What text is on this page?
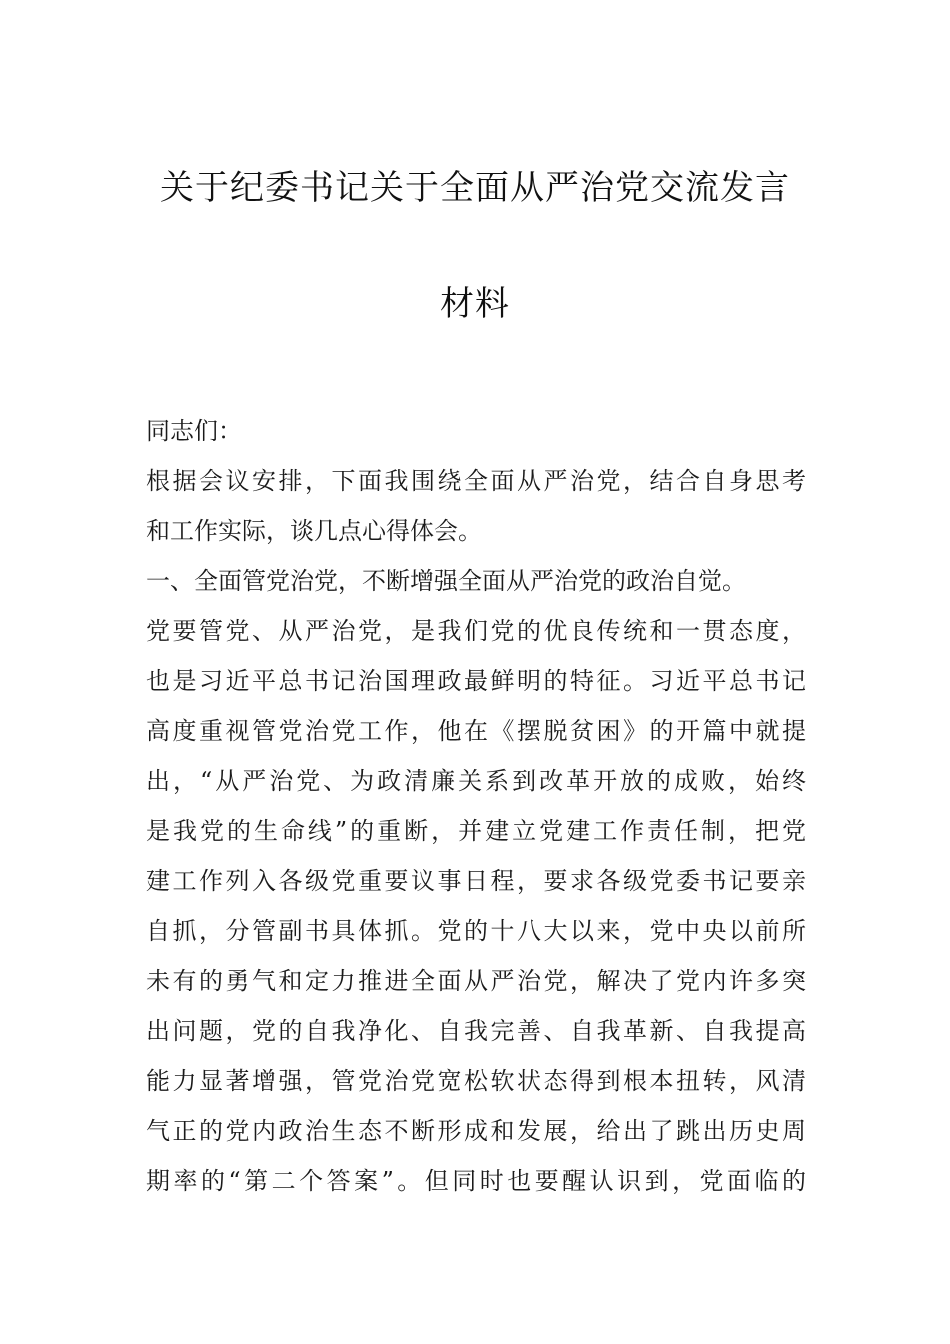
关于纪委书记关于全面从严治党交流发言
材料
同志们：
根据会议安排，下面我围绕全面从严治党，结合自身思考
和工作实际，谈几点心得体会。
一、全面管党治党，不断增强全面从严治党的政治自觉。
党要管党、从严治党，是我们党的优良传统和一贯态度，
也是习近平总书记治国理政最鲜明的特征。习近平总书记
高度重视管党治党工作，他在《摆脱贫困》的开篇中就提
出，“从严治党、为政清廉关系到改革开放的成败，始终
是我党的生命线”的重断，并建立党建工作责任制，把党
建工作列入各级党重要议事日程，要求各级党委书记要亲
自抓，分管副书具体抓。党的十八大以来，党中央以前所
未有的勇气和定力推进全面从严治党，解决了党内许多突
出问题，党的自我净化、自我完善、自我革新、自我提高
能力显著增强，管党治党宽松软状态得到根本扭转，风清
气正的党内政治生态不断形成和发展，给出了跳出历史周
期率的“第二个答案”。但同时也要醒认识到，党面临的
